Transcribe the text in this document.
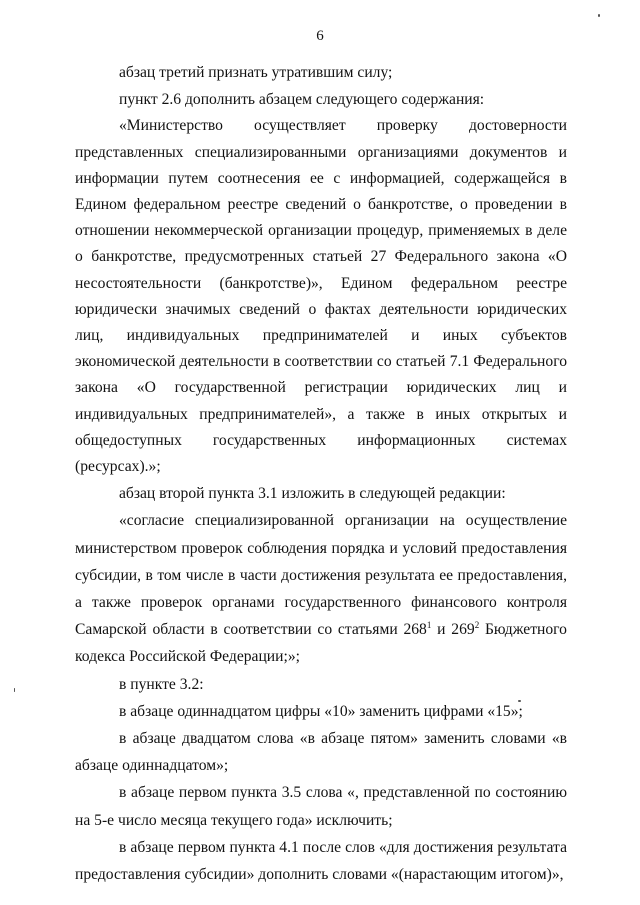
6

абзац третий признать утратившим силу;

пункт 2.6 дополнить абзацем следующего содержания:

«Министерство осуществляет проверку достоверности представленных специализированными организациями документов и информации путем соотнесения ее с информацией, содержащейся в Едином федеральном реестре сведений о банкротстве, о проведении в отношении некоммерческой организации процедур, применяемых в деле о банкротстве, предусмотренных статьей 27 Федерального закона «О несостоятельности (банкротстве)», Едином федеральном реестре юридически значимых сведений о фактах деятельности юридических лиц, индивидуальных предпринимателей и иных субъектов экономической деятельности в соответствии со статьей 7.1 Федерального закона «О государственной регистрации юридических лиц и индивидуальных предпринимателей», а также в иных открытых и общедоступных государственных информационных системах (ресурсах).»;

абзац второй пункта 3.1 изложить в следующей редакции:

«согласие специализированной организации на осуществление министерством проверок соблюдения порядка и условий предоставления субсидии, в том числе в части достижения результата ее предоставления, а также проверок органами государственного финансового контроля Самарской области в соответствии со статьями $268^1$ и $269^2$ Бюджетного кодекса Российской Федерации;»;

в пункте 3.2:

в абзаце одиннадцатом цифры «10» заменить цифрами «15»;

в абзаце двадцатом слова «в абзаце пятом» заменить словами «в абзаце одиннадцатом»;

в абзаце первом пункта 3.5 слова «, представленной по состоянию на 5-е число месяца текущего года» исключить;

в абзаце первом пункта 4.1 после слов «для достижения результата предоставления субсидии» дополнить словами «(нарастающим итогом)»,
